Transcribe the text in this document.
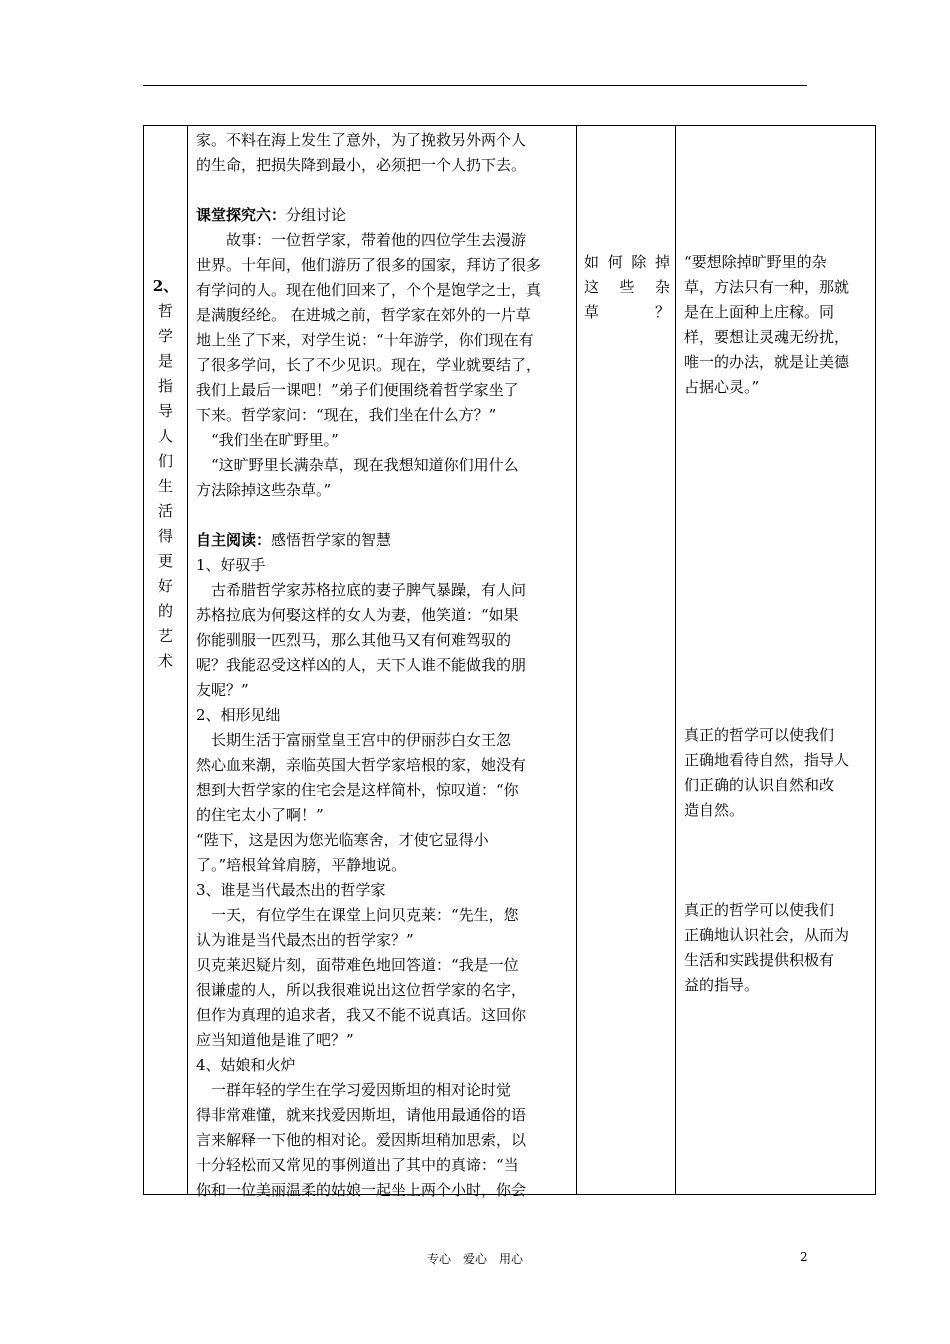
2、
哲
学
是
指
导
人
们
生
活
得
更
好
的
艺
术

家。不料在海上发生了意外，为了挽救另外两个人

的生命，把损失降到最小，必须把一个人扔下去。

课堂探究六：分组讨论

　　故事：一位哲学家，带着他的四位学生去漫游

世界。十年间，他们游历了很多的国家，拜访了很多

有学问的人。现在他们回来了，个个是饱学之士，真

是满腹经纶。 在进城之前，哲学家在郊外的一片草

地上坐了下来，对学生说：“十年游学，你们现在有

了很多学问，长了不少见识。现在，学业就要结了，

我们上最后一课吧！”弟子们便围绕着哲学家坐了

下来。哲学家问：“现在，我们坐在什么方？”

　“我们坐在旷野里。”

　“这旷野里长满杂草，现在我想知道你们用什么

方法除掉这些杂草。”

自主阅读：感悟哲学家的智慧

1、好驭手

　古希腊哲学家苏格拉底的妻子脾气暴躁，有人问

苏格拉底为何娶这样的女人为妻，他笑道：“如果

你能驯服一匹烈马，那么其他马又有何难驾驭的

呢？我能忍受这样凶的人，天下人谁不能做我的朋

友呢？”

2、相形见绌

　长期生活于富丽堂皇王宫中的伊丽莎白女王忽

然心血来潮，亲临英国大哲学家培根的家，她没有

想到大哲学家的住宅会是这样简朴，惊叹道：“你

的住宅太小了啊！”

“陛下，这是因为您光临寒舍，才使它显得小

了。”培根耸耸肩膀，平静地说。

3、谁是当代最杰出的哲学家

　一天，有位学生在课堂上问贝克莱：“先生，您

认为谁是当代最杰出的哲学家？”

贝克莱迟疑片刻，面带难色地回答道：“我是一位

很谦虚的人，所以我很难说出这位哲学家的名字，

但作为真理的追求者，我又不能不说真话。这回你

应当知道他是谁了吧？”

4、姑娘和火炉

　一群年轻的学生在学习爱因斯坦的相对论时觉

得非常难懂，就来找爱因斯坦，请他用最通俗的语

言来解释一下他的相对论。爱因斯坦稍加思索，以

十分轻松而又常见的事例道出了其中的真谛：“当

你和一位美丽温柔的姑娘一起坐上两个小时，你会

如何除掉
这些杂
草？
“要想除掉旷野里的杂
草，方法只有一种，那就
是在上面种上庄稼。同
样，要想让灵魂无纷扰，
唯一的办法，就是让美德
占据心灵。”
真正的哲学可以使我们
正确地看待自然，指导人
们正确的认识自然和改
造自然。
真正的哲学可以使我们
正确地认识社会，从而为
生活和实践提供积极有
益的指导。
专心　爱心　用心	2
